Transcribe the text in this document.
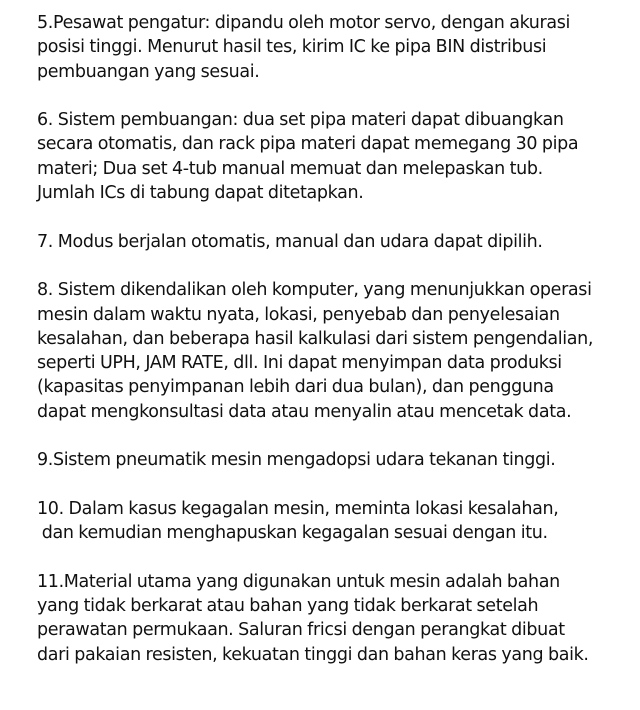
5.Pesawat pengatur: dipandu oleh motor servo, dengan akurasi
posisi tinggi. Menurut hasil tes, kirim IC ke pipa BIN distribusi
pembuangan yang sesuai.
6. Sistem pembuangan: dua set pipa materi dapat dibuangkan
secara otomatis, dan rack pipa materi dapat memegang 30 pipa
materi; Dua set 4-tub manual memuat dan melepaskan tub.
Jumlah ICs di tabung dapat ditetapkan.
7. Modus berjalan otomatis, manual dan udara dapat dipilih.
8. Sistem dikendalikan oleh komputer, yang menunjukkan operasi
mesin dalam waktu nyata, lokasi, penyebab dan penyelesaian
kesalahan, dan beberapa hasil kalkulasi dari sistem pengendalian,
seperti UPH, JAM RATE, dll. Ini dapat menyimpan data produksi
(kapasitas penyimpanan lebih dari dua bulan), dan pengguna
dapat mengkonsultasi data atau menyalin atau mencetak data.
9.Sistem pneumatik mesin mengadopsi udara tekanan tinggi.
10. Dalam kasus kegagalan mesin, meminta lokasi kesalahan,
dan kemudian menghapuskan kegagalan sesuai dengan itu.
11.Material utama yang digunakan untuk mesin adalah bahan
yang tidak berkarat atau bahan yang tidak berkarat setelah
perawatan permukaan. Saluran fricsi dengan perangkat dibuat
dari pakaian resisten, kekuatan tinggi dan bahan keras yang baik.
